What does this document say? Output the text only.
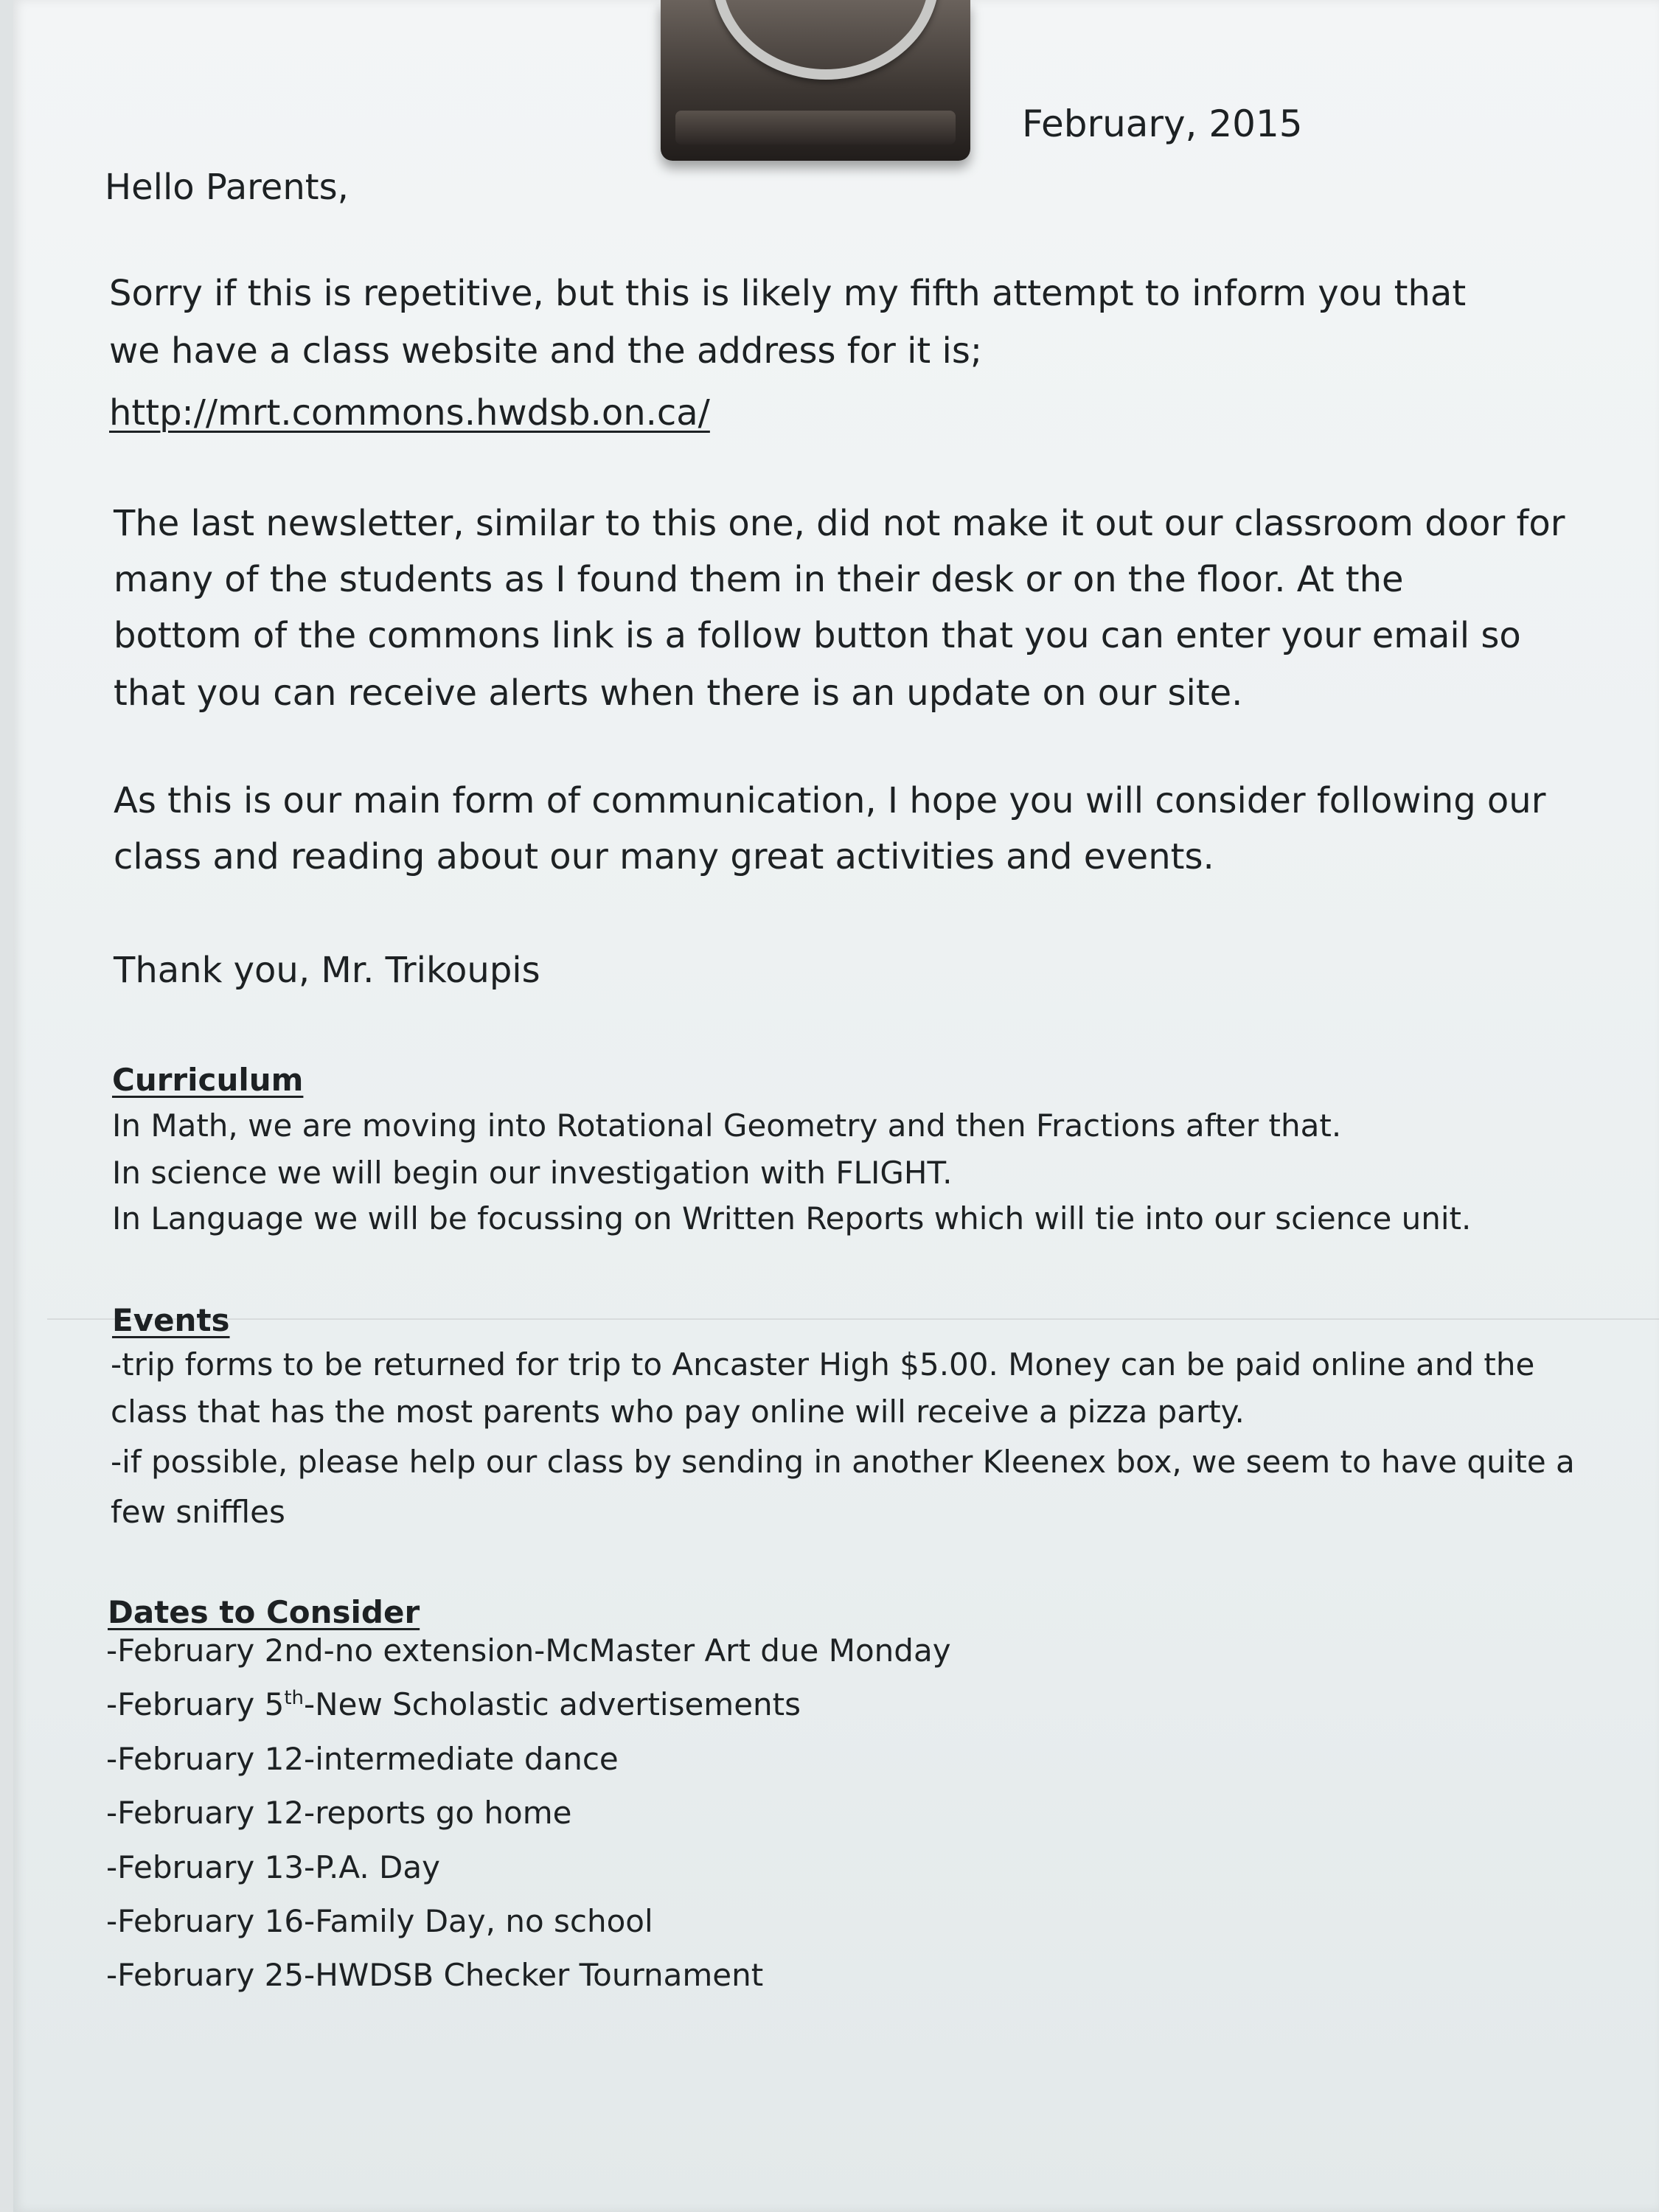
February, 2015

Hello Parents,

Sorry if this is repetitive, but this is likely my fifth attempt to inform you that

we have a class website and the address for it is;

http://mrt.commons.hwdsb.on.ca/

The last newsletter, similar to this one, did not make it out our classroom door for

many of the students as I found them in their desk or on the floor. At the

bottom of the commons link is a follow button that you can enter your email so

that you can receive alerts when there is an update on our site.

As this is our main form of communication, I hope you will consider following our

class and reading about our many great activities and events.

Thank you, Mr. Trikoupis

Curriculum

In Math, we are moving into Rotational Geometry and then Fractions after that.

In science we will begin our investigation with FLIGHT.

In Language we will be focussing on Written Reports which will tie into our science unit.

Events

-trip forms to be returned for trip to Ancaster High $5.00. Money can be paid online and the

class that has the most parents who pay online will receive a pizza party.

-if possible, please help our class by sending in another Kleenex box, we seem to have quite a

few sniffles

Dates to Consider

-February 2nd-no extension-McMaster Art due Monday

-February 5th-New Scholastic advertisements

-February 12-intermediate dance

-February 12-reports go home

-February 13-P.A. Day

-February 16-Family Day, no school

-February 25-HWDSB Checker Tournament
